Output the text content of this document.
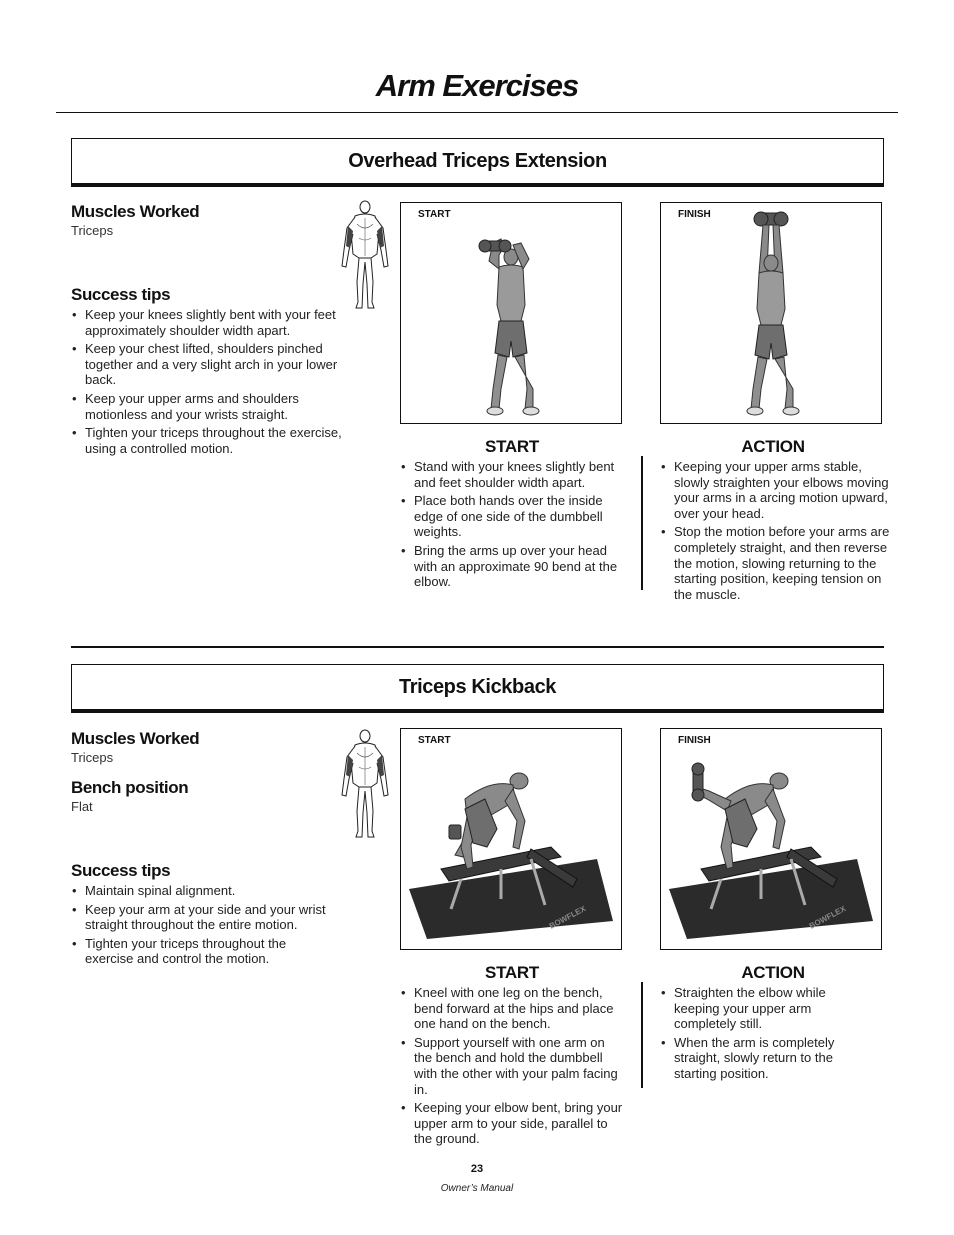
Arm Exercises
Overhead Triceps Extension
Muscles Worked
Triceps
Success tips
• Keep your knees slightly bent with your feet approximately shoulder width apart.
• Keep your chest lifted, shoulders pinched together and a very slight arch in your lower back.
• Keep your upper arms and shoulders motionless and your wrists straight.
• Tighten your triceps throughout the exercise, using a controlled motion.
START	FINISH
START
• Stand with your knees slightly bent and feet shoulder width apart.
• Place both hands over the inside edge of one side of the dumbbell weights.
• Bring the arms up over your head with an approximate 90 bend at the elbow.
ACTION
• Keeping your upper arms stable, slowly straighten your elbows moving your arms in a arcing motion upward, over your head.
• Stop the motion before your arms are completely straight, and then reverse the motion, slowing returning to the starting position, keeping tension on the muscle.
Triceps Kickback
Muscles Worked
Triceps
Bench position
Flat
Success tips
• Maintain spinal alignment.
• Keep your arm at your side and your wrist straight throughout the entire motion.
• Tighten your triceps throughout the exercise and control the motion.
START
BOWFLEX
FINISH
BOWFLEX
START
• Kneel with one leg on the bench, bend forward at the hips and place one hand on the bench.
• Support yourself with one arm on the bench and hold the dumbbell with the other with your palm facing in.
• Keeping your elbow bent, bring your upper arm to your side, parallel to the ground.
ACTION
• Straighten the elbow while keeping your upper arm completely still.
• When the arm is completely straight, slowly return to the starting position.
23
Owner’s Manual
